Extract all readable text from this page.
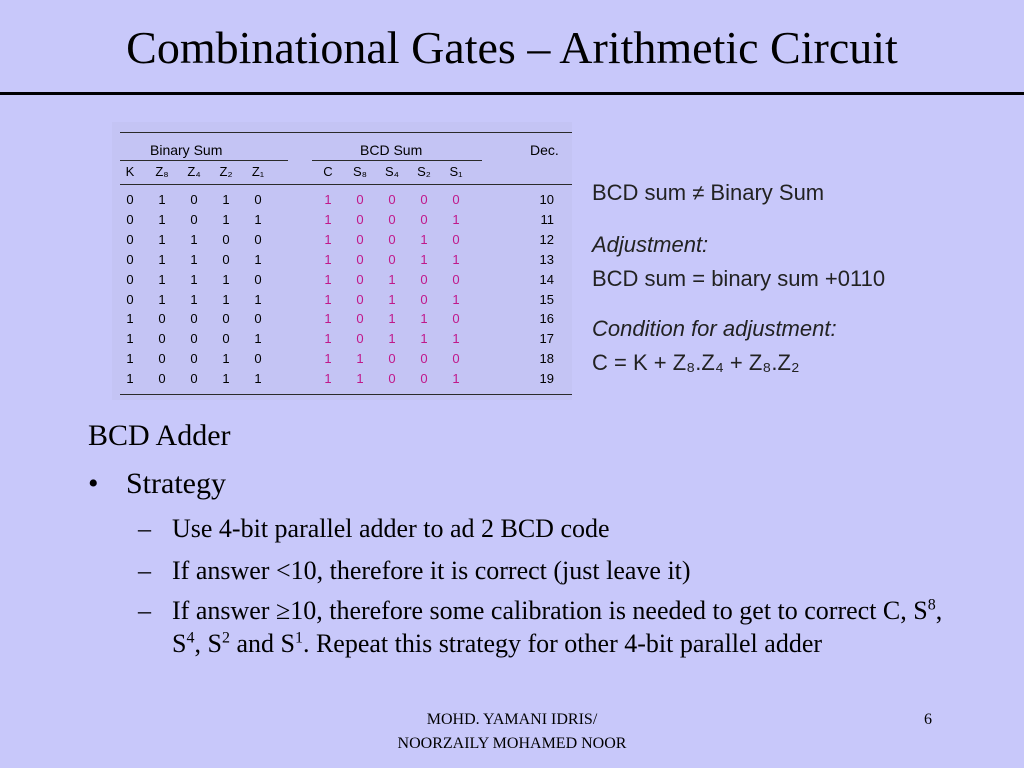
Combinational Gates – Arithmetic Circuit
Binary Sum	BCD Sum	Dec.
K	Z₈	Z₄	Z₂	Z₁	C	S₈	S₄	S₂	S₁
0	1	0	1	0	1	0	0	0	0	10
0	1	0	1	1	1	0	0	0	1	11
0	1	1	0	0	1	0	0	1	0	12
0	1	1	0	1	1	0	0	1	1	13
0	1	1	1	0	1	0	1	0	0	14
0	1	1	1	1	1	0	1	0	1	15
1	0	0	0	0	1	0	1	1	0	16
1	0	0	0	1	1	0	1	1	1	17
1	0	0	1	0	1	1	0	0	0	18
1	0	0	1	1	1	1	0	0	1	19
BCD sum ≠ Binary Sum
Adjustment:
BCD sum = binary sum +0110
Condition for adjustment:
C = K + Z₈.Z₄ + Z₈.Z₂
BCD Adder
• Strategy
– Use 4-bit parallel adder to ad 2 BCD code
– If answer <10, therefore it is correct (just leave it)
– If answer ≥10, therefore some calibration is needed to get to correct C, $S^8$, $S^4$, $S^2$ and $S^1$. Repeat this strategy for other 4-bit parallel adder
MOHD. YAMANI IDRIS/
NOORZAILY MOHAMED NOOR
6
